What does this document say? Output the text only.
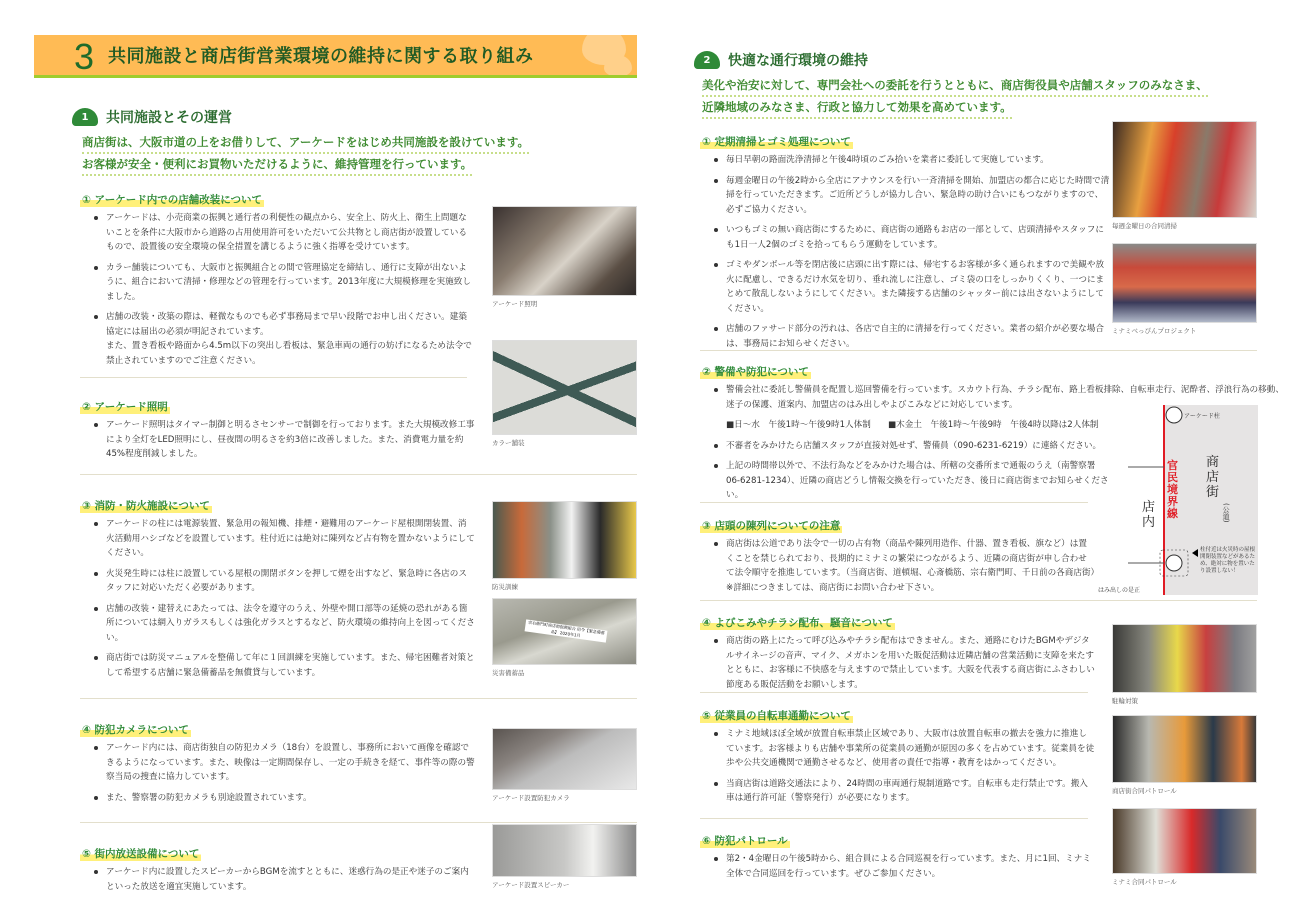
3 共同施設と商店街営業環境の維持に関する取り組み
1	共同施設とその運営
商店街は、大阪市道の上をお借りして、アーケードをはじめ共同施設を設けています。
お客様が安全・便利にお買物いただけるように、維持管理を行っています。
① アーケード内での店舗改装について

アーケードは、小売商業の振興と通行者の利便性の観点から、安全上、防火上、衛生上問題ないことを条件に大阪市から道路の占用使用許可をいただいて公共物とし商店街が設置しているもので、設置後の安全環境の保全措置を講じるように強く指導を受けています。

カラー舗装についても、大阪市と振興組合との間で管理協定を締結し、通行に支障が出ないように、組合において清掃・修理などの管理を行っています。2013年度に大規模修理を実施致しました。

店舗の改装・改築の際は、軽微なものでも必ず事務局まで早い段階でお申し出ください。建築協定には届出の必須が明記されています。

また、置き看板や路面から4.5m以下の突出し看板は、緊急車両の通行の妨げになるため法令で禁止されていますのでご注意ください。

② アーケード照明

アーケード照明はタイマー制御と明るさセンサーで制御を行っております。また大規模改修工事により全灯をLED照明にし、昼夜間の明るさを約3倍に改善しました。また、消費電力量を約45%程度削減しました。

③ 消防・防火施設について

アーケードの柱には電源装置、緊急用の報知機、排煙・避難用のアーケード屋根開閉装置、消火活動用ハシゴなどを設置しています。柱付近には絶対に陳列など占有物を置かないようにしてください。

火災発生時には柱に設置している屋根の開閉ボタンを押して煙を出すなど、緊急時に各店のスタッフに対応いただく必要があります。

店舗の改装・建替えにあたっては、法令を遵守のうえ、外壁や開口部等の延焼の恐れがある箇所については網入りガラスもしくは強化ガラスとするなど、防火環境の維持向上を図ってください。

商店街では防災マニュアルを整備して年に１回訓練を実施しています。また、帰宅困難者対策として希望する店舗に緊急備蓄品を無償貸与しています。

④ 防犯カメラについて

アーケード内には、商店街独自の防犯カメラ（18台）を設置し、事務所において画像を確認できるようになっています。また、映像は一定期間保存し、一定の手続きを経て、事件等の際の警察当局の捜査に協力しています。

また、警察署の防犯カメラも別途設置されています。

⑤ 街内放送設備について

アーケード内に設置したスピーカーからBGMを流すとともに、迷惑行為の是正や迷子のご案内といった放送を適宜実施しています。

アーケード照明
カラー舗装
防災訓練
宗右衛門町商店街振興組合 用令【緊急備蓄品】 2020年1月
災害備蓄品
アーケード設置防犯カメラ
アーケード設置スピーカー
2	快適な通行環境の維持
美化や治安に対して、専門会社への委託を行うとともに、商店街役員や店舗スタッフのみなさま、
近隣地域のみなさま、行政と協力して効果を高めています。
① 定期清掃とゴミ処理について

毎日早朝の路面洗浄清掃と午後4時頃のごみ拾いを業者に委託して実施しています。

毎週金曜日の午後2時から全店にアナウンスを行い一斉清掃を開始、加盟店の都合に応じた時間で清掃を行っていただきます。ご近所どうしが協力し合い、緊急時の助け合いにもつながりますので、必ずご協力ください。

いつもゴミの無い商店街にするために、商店街の通路もお店の一部として、店頭清掃やスタッフにも1日一人2個のゴミを拾ってもらう運動をしています。

ゴミやダンボール等を閉店後に店頭に出す際には、帰宅するお客様が多く通られますので美観や放火に配慮し、できるだけ水気を切り、垂れ流しに注意し、ゴミ袋の口をしっかりくくり、一つにまとめて散乱しないようにしてください。また隣接する店舗のシャッター前には出さないようにしてください。

店舗のファサード部分の汚れは、各店で自主的に清掃を行ってください。業者の紹介が必要な場合は、事務局にお知らせください。

② 警備や防犯について

警備会社に委託し警備員を配置し巡回警備を行っています。スカウト行為、チラシ配布、路上看板排除、自転車走行、泥酔者、浮浪行為の移動、迷子の保護、道案内、加盟店のはみ出しやよびこみなどに対応しています。

■日～水　午後1時～午後9時1人体制　　 ■木金土　午後1時～午後9時　午後4時以降は2人体制

不審者をみかけたら店舗スタッフが直接対処せず、警備員（090-6231-6219）に連絡ください。

上記の時間帯以外で、不法行為などをみかけた場合は、所轄の交番所まで通報のうえ（南警察署 06-6281-1234）、近隣の商店どうし情報交換を行っていただき、後日に商店街までお知らせください。

③ 店頭の陳列についての注意

商店街は公道であり法令で一切の占有物（商品や陳列用造作、什器、置き看板、旗など）は置くことを禁じられており、長期的にミナミの繁栄につながるよう、近隣の商店街が申し合わせて法令順守を推進しています。（当商店街、道頓堀、心斎橋筋、宗右衛門町、千日前の各商店街）※詳細につきましては、商店街にお問い合わせ下さい。

④ よびこみやチラシ配布、騒音について

商店街の路上にたって呼び込みやチラシ配布はできません。また、通路にむけたBGMやデジタルサイネージの音声、マイク、メガホンを用いた販促活動は近隣店舗の営業活動に支障を来たすとともに、お客様に不快感を与えますので禁止しています。大阪を代表する商店街にふさわしい節度ある販促活動をお願いします。

⑤ 従業員の自転車通勤について

ミナミ地域ほぼ全域が放置自転車禁止区域であり、大阪市は放置自転車の撤去を強力に推進しています。お客様よりも店舗や事業所の従業員の通勤が原因の多くを占めています。従業員を徒歩や公共交通機関で通勤させるなど、使用者の責任で指導・教育をはかってください。

当商店街は道路交通法により、24時間の車両通行規制道路です。自転車も走行禁止です。搬入車は通行許可証（警察発行）が必要になります。

⑥ 防犯パトロール

第2・4金曜日の午後5時から、組合員による合同巡視を行っています。また、月に1回、ミナミ全体で合同巡回を行っています。ぜひご参加ください。

毎週金曜日の合同清掃
ミナミべっぴんプロジェクト
駐輪対策
商店街合同パトロール
ミナミ合同パトロール
アーケード柱
官民境界線
商店街
(公道)
店内
柱付近は火災時の屋根開閉装置などがあるため、絶対に物を置いたり設置しない！
はみ出しの是正
